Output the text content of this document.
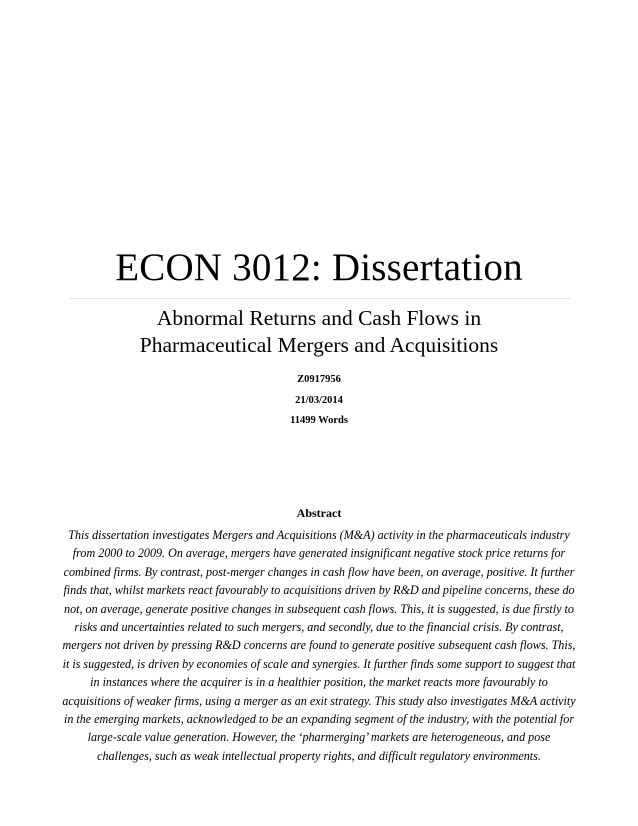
ECON 3012: Dissertation
Abnormal Returns and Cash Flows in
Pharmaceutical Mergers and Acquisitions

Z0917956

21/03/2014

11499 Words

Abstract

This dissertation investigates Mergers and Acquisitions (M&A) activity in the pharmaceuticals industry from 2000 to 2009. On average, mergers have generated insignificant negative stock price returns for combined firms. By contrast, post-merger changes in cash flow have been, on average, positive. It further finds that, whilst markets react favourably to acquisitions driven by R&D and pipeline concerns, these do not, on average, generate positive changes in subsequent cash flows. This, it is suggested, is due firstly to risks and uncertainties related to such mergers, and secondly, due to the financial crisis. By contrast, mergers not driven by pressing R&D concerns are found to generate positive subsequent cash flows. This, it is suggested, is driven by economies of scale and synergies. It further finds some support to suggest that in instances where the acquirer is in a healthier position, the market reacts more favourably to acquisitions of weaker firms, using a merger as an exit strategy. This study also investigates M&A activity in the emerging markets, acknowledged to be an expanding segment of the industry, with the potential for large-scale value generation. However, the ‘pharmerging’ markets are heterogeneous, and pose challenges, such as weak intellectual property rights, and difficult regulatory environments.
